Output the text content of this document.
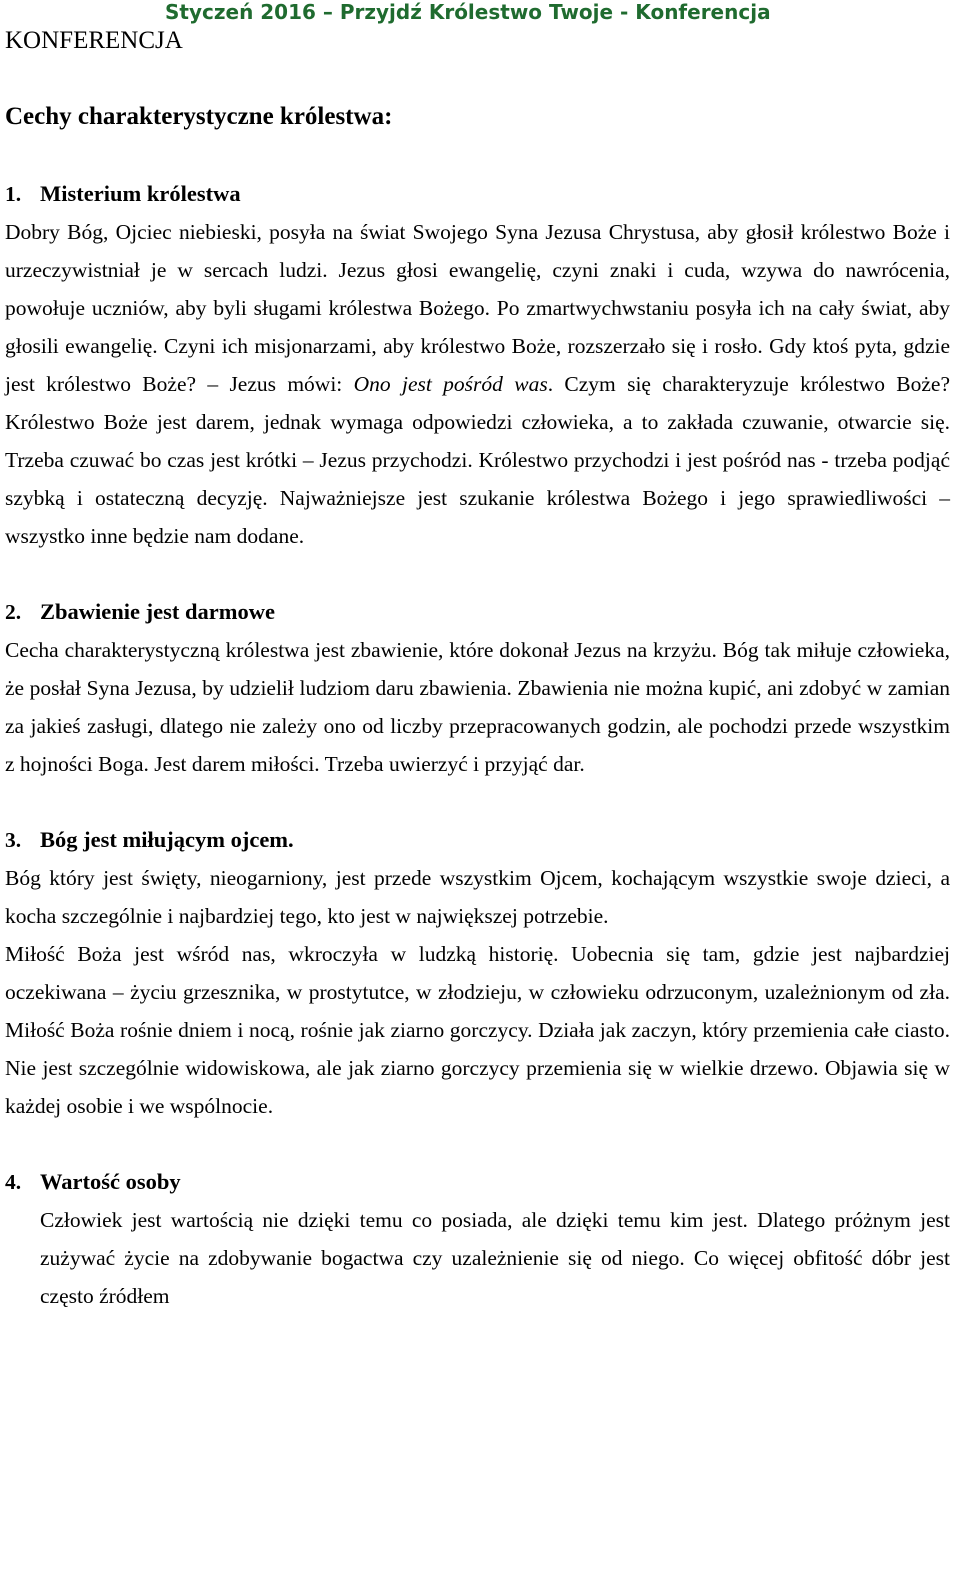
Styczeń 2016 – Przyjdź Królestwo Twoje - Konferencja
KONFERENCJA
Cechy charakterystyczne królestwa:
1. Misterium królestwa

Dobry Bóg, Ojciec niebieski, posyła na świat Swojego Syna Jezusa Chrystusa, aby głosił królestwo Boże i urzeczywistniał je w sercach ludzi. Jezus głosi ewangelię, czyni znaki i cuda, wzywa do nawrócenia, powołuje uczniów, aby byli sługami królestwa Bożego. Po zmartwychwstaniu posyła ich na cały świat, aby głosili ewangelię. Czyni ich misjonarzami, aby królestwo Boże, rozszerzało się i rosło. Gdy ktoś pyta, gdzie jest królestwo Boże? – Jezus mówi: Ono jest pośród was. Czym się charakteryzuje królestwo Boże? Królestwo Boże jest darem, jednak wymaga odpowiedzi człowieka, a to zakłada czuwanie, otwarcie się. Trzeba czuwać bo czas jest krótki – Jezus przychodzi. Królestwo przychodzi i jest pośród nas - trzeba podjąć szybką i ostateczną decyzję. Najważniejsze jest szukanie królestwa Bożego i jego sprawiedliwości – wszystko inne będzie nam dodane.

2. Zbawienie jest darmowe

Cecha charakterystyczną królestwa jest zbawienie, które dokonał Jezus na krzyżu. Bóg tak miłuje człowieka, że posłał Syna Jezusa, by udzielił ludziom daru zbawienia. Zbawienia nie można kupić, ani zdobyć w zamian za jakieś zasługi, dlatego nie zależy ono od liczby przepracowanych godzin, ale pochodzi przede wszystkim z hojności Boga. Jest darem miłości. Trzeba uwierzyć i przyjąć dar.

3. Bóg jest miłującym ojcem.

Bóg który jest święty, nieogarniony, jest przede wszystkim Ojcem, kochającym wszystkie swoje dzieci, a kocha szczególnie i najbardziej tego, kto jest w największej potrzebie.

Miłość Boża jest wśród nas, wkroczyła w ludzką historię. Uobecnia się tam, gdzie jest najbardziej oczekiwana – życiu grzesznika, w prostytutce, w złodzieju, w człowieku odrzuconym, uzależnionym od zła. Miłość Boża rośnie dniem i nocą, rośnie jak ziarno gorczycy. Działa jak zaczyn, który przemienia całe ciasto. Nie jest szczególnie widowiskowa, ale jak ziarno gorczycy przemienia się w wielkie drzewo. Objawia się w każdej osobie i we wspólnocie.

4. Wartość osoby

Człowiek jest wartością nie dzięki temu co posiada, ale dzięki temu kim jest. Dlatego próżnym jest zużywać życie na zdobywanie bogactwa czy uzależnienie się od niego. Co więcej obfitość dóbr jest często źródłem
